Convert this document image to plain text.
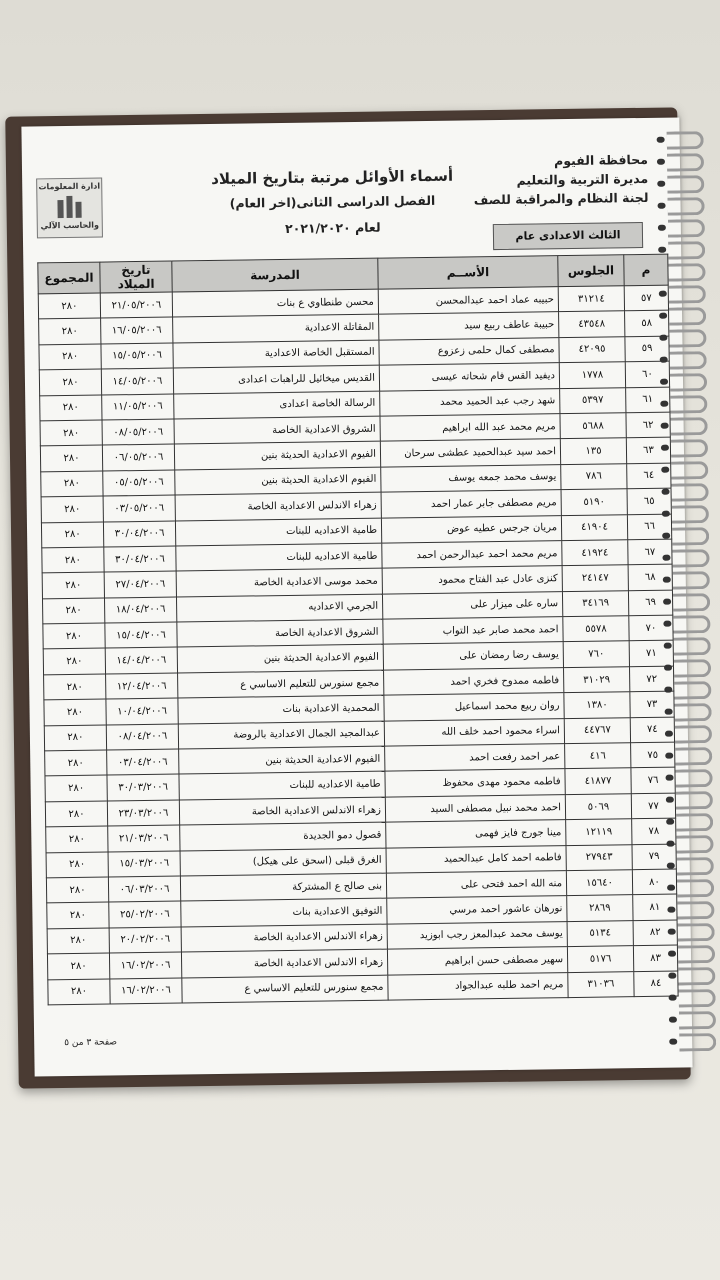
محافظة الفيوم
مديرة التربية والتعليم
لجنة النظام والمراقبة للصف
الثالث الاعدادى عام
أسماء الأوائل مرتبة بتاريخ الميلاد
الفصل الدراسى الثانى(اخر العام)
لعام ٢٠٢١/٢٠٢٠
ادارة المعلومات
والحاسب الآلي
م	الجلوس	الأســم	المدرسة	تاريخ الميلاد	المجموع
٥٧	٣١٢١٤	حبيبه عماد احمد عبدالمحسن	محسن طنطاوي ع بنات	٢١/٠٥/٢٠٠٦	٢٨٠
٥٨	٤٣٥٤٨	حبيبة عاطف ربيع سيد	المقاتلة الاعدادية	١٦/٠٥/٢٠٠٦	٢٨٠
٥٩	٤٢٠٩٥	مصطفى كمال حلمى زعزوع	المستقبل الخاصة الاعدادية	١٥/٠٥/٢٠٠٦	٢٨٠
٦٠	١٧٧٨	ديفيد القس فام شحاته عيسى	القديس ميخائيل للراهبات اعدادى	١٤/٠٥/٢٠٠٦	٢٨٠
٦١	٥٣٩٧	شهد رجب عبد الحميد محمد	الرسالة الخاصة اعدادى	١١/٠٥/٢٠٠٦	٢٨٠
٦٢	٥٦٨٨	مريم محمد عبد الله ابراهيم	الشروق الاعدادية الخاصة	٠٨/٠٥/٢٠٠٦	٢٨٠
٦٣	١٣٥	احمد سيد عبدالحميد عطشى سرحان	الفيوم الاعدادية الحديثة بنين	٠٦/٠٥/٢٠٠٦	٢٨٠
٦٤	٧٨٦	يوسف محمد جمعه يوسف	الفيوم الاعدادية الحديثة بنين	٠٥/٠٥/٢٠٠٦	٢٨٠
٦٥	٥١٩٠	مريم مصطفى جابر عمار احمد	زهراء الاندلس الاعدادية الخاصة	٠٣/٠٥/٢٠٠٦	٢٨٠
٦٦	٤١٩٠٤	مريان جرجس عطيه عوض	طامية الاعداديه للبنات	٣٠/٠٤/٢٠٠٦	٢٨٠
٦٧	٤١٩٢٤	مريم محمد احمد عبدالرحمن احمد	طامية الاعداديه للبنات	٣٠/٠٤/٢٠٠٦	٢٨٠
٦٨	٢٤١٤٧	كنزى عادل عبد الفتاح محمود	محمد موسى الاعدادية الخاصة	٢٧/٠٤/٢٠٠٦	٢٨٠
٦٩	٣٤١٦٩	ساره على ميزار على	الجرمي الاعداديه	١٨/٠٤/٢٠٠٦	٢٨٠
٧٠	٥٥٧٨	احمد محمد صابر عبد التواب	الشروق الاعدادية الخاصة	١٥/٠٤/٢٠٠٦	٢٨٠
٧١	٧٦٠	يوسف رضا رمضان على	الفيوم الاعدادية الحديثة بنين	١٤/٠٤/٢٠٠٦	٢٨٠
٧٢	٣١٠٢٩	فاطمه ممدوح فخري احمد	مجمع سنورس للتعليم الاساسي ع	١٢/٠٤/٢٠٠٦	٢٨٠
٧٣	١٣٨٠	روان ربيع محمد اسماعيل	المحمدية الاعدادية بنات	١٠/٠٤/٢٠٠٦	٢٨٠
٧٤	٤٤٧٦٧	اسراء محمود احمد خلف الله	عبدالمجيد الجمال الاعدادية بالروضة	٠٨/٠٤/٢٠٠٦	٢٨٠
٧٥	٤١٦	عمر احمد رفعت احمد	الفيوم الاعدادية الحديثة بنين	٠٣/٠٤/٢٠٠٦	٢٨٠
٧٦	٤١٨٧٧	فاطمه محمود مهدى محفوظ	طامية الاعداديه للبنات	٣٠/٠٣/٢٠٠٦	٢٨٠
٧٧	٥٠٦٩	احمد محمد نبيل مصطفى السيد	زهراء الاندلس الاعدادية الخاصة	٢٣/٠٣/٢٠٠٦	٢٨٠
٧٨	١٢١١٩	مينا جورج فايز فهمى	قصول دمو الجديدة	٢١/٠٣/٢٠٠٦	٢٨٠
٧٩	٢٧٩٤٣	فاطمه احمد كامل عبدالحميد	الغرق قبلى (اسحق على هيكل)	١٥/٠٣/٢٠٠٦	٢٨٠
٨٠	١٥٦٤٠	منه الله احمد فتحى على	بنى صالح ع المشتركة	٠٦/٠٣/٢٠٠٦	٢٨٠
٨١	٢٨٦٩	نورهان عاشور احمد مرسي	التوفيق الاعدادية بنات	٢٥/٠٢/٢٠٠٦	٢٨٠
٨٢	٥١٣٤	يوسف محمد عبدالمعز رجب ابوزيد	زهراء الاندلس الاعدادية الخاصة	٢٠/٠٢/٢٠٠٦	٢٨٠
٨٣	٥١٧٦	سهير مصطفى حسن ابراهيم	زهراء الاندلس الاعدادية الخاصة	١٦/٠٢/٢٠٠٦	٢٨٠
٨٤	٣١٠٣٦	مريم احمد طلبه عبدالجواد	مجمع سنورس للتعليم الاساسي ع	١٦/٠٢/٢٠٠٦	٢٨٠
صفحة ٣ من ٥
